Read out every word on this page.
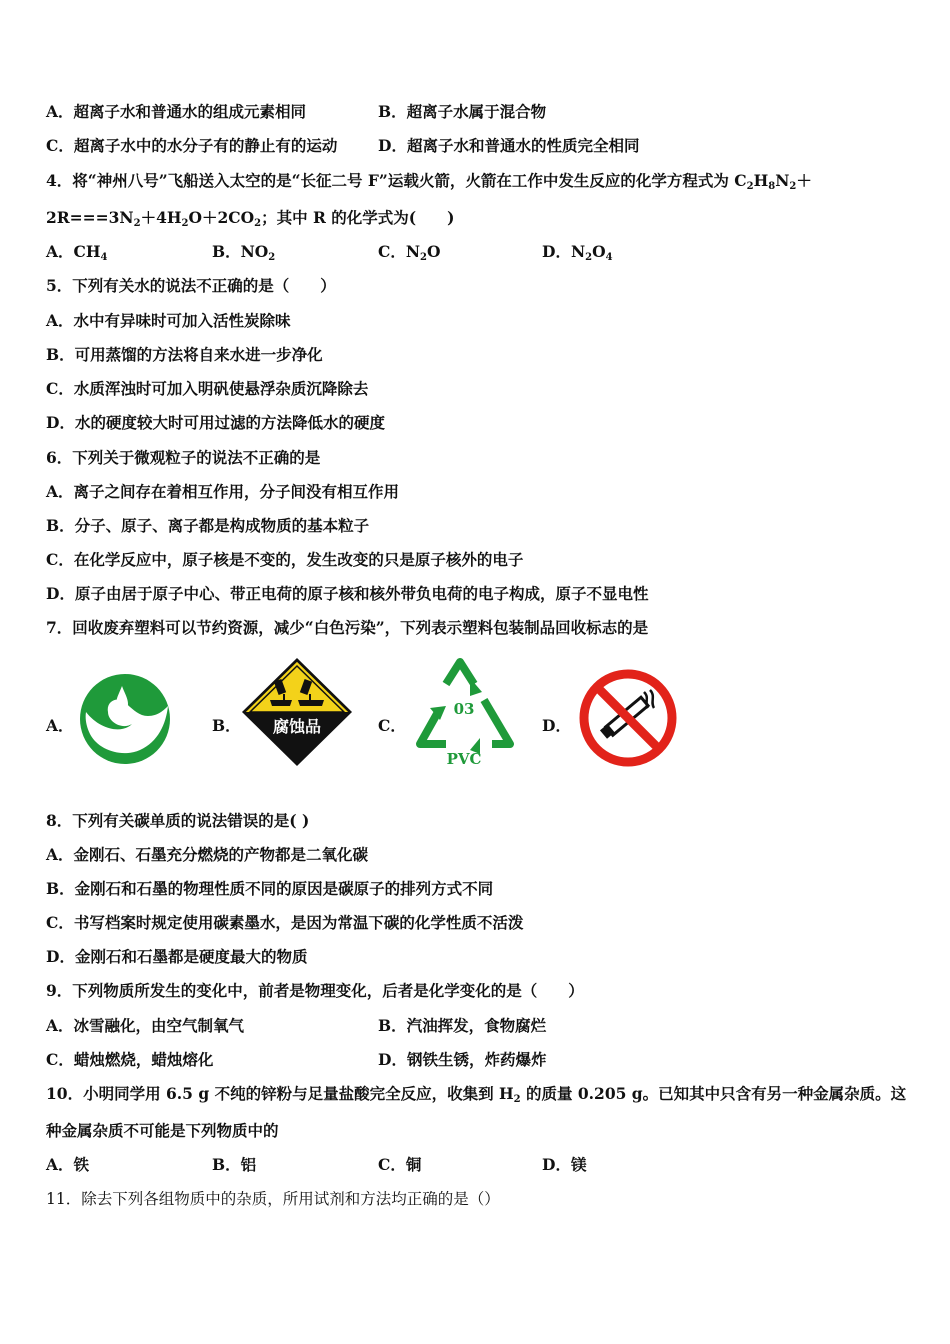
A．超离子水和普通水的组成元素相同	B．超离子水属于混合物
C．超离子水中的水分子有的静止有的运动	D．超离子水和普通水的性质完全相同
4．将“神州八号”飞船送入太空的是“长征二号 F”运载火箭，火箭在工作中发生反应的化学方程式为 $C_2H_8N_2+$
$2R===3N_2+4H_2O+2CO_2$；其中 R 的化学式为(　　)
A．$CH_4$	B．$NO_2$	C．$N_2O$	D．$N_2O_4$
5．下列有关水的说法不正确的是（　　）
A．水中有异味时可加入活性炭除味
B．可用蒸馏的方法将自来水进一步净化
C．水质浑浊时可加入明矾使悬浮杂质沉降除去
D．水的硬度较大时可用过滤的方法降低水的硬度
6．下列关于微观粒子的说法不正确的是
A．离子之间存在着相互作用，分子间没有相互作用
B．分子、原子、离子都是构成物质的基本粒子
C．在化学反应中，原子核是不变的，发生改变的只是原子核外的电子
D．原子由居于原子中心、带正电荷的原子核和核外带负电荷的电子构成，原子不显电性
7．回收废弃塑料可以节约资源，减少“白色污染”，下列表示塑料包装制品回收标志的是
A．	B． 腐蚀品	C．
03
PVC
D．
8．下列有关碳单质的说法错误的是( )
A．金刚石、石墨充分燃烧的产物都是二氧化碳
B．金刚石和石墨的物理性质不同的原因是碳原子的排列方式不同
C．书写档案时规定使用碳素墨水，是因为常温下碳的化学性质不活泼
D．金刚石和石墨都是硬度最大的物质
9．下列物质所发生的变化中，前者是物理变化，后者是化学变化的是（　　）
A．冰雪融化，由空气制氧气	B．汽油挥发，食物腐烂
C．蜡烛燃烧，蜡烛熔化	D．钢铁生锈，炸药爆炸
10．小明同学用 6.5 g 不纯的锌粉与足量盐酸完全反应，收集到 $H_2$ 的质量 0.205 g。已知其中只含有另一种金属杂质。这
种金属杂质不可能是下列物质中的
A．铁	B．铝	C．铜	D．镁
11．除去下列各组物质中的杂质，所用试剂和方法均正确的是（）
